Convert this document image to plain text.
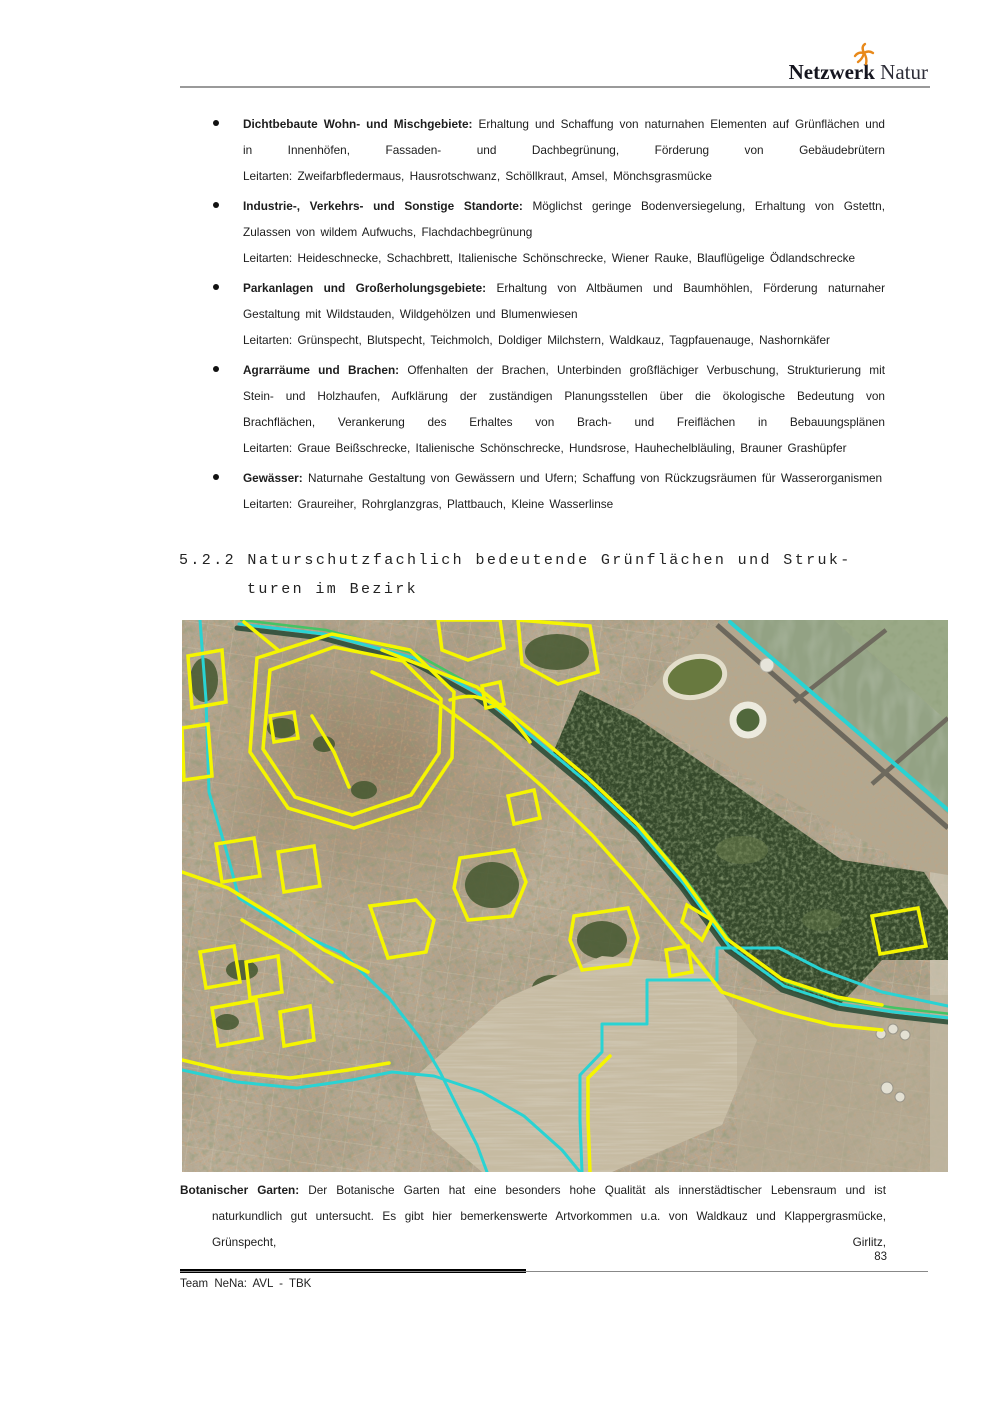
Netzwerk Natur
Dichtbebaute Wohn- und Mischgebiete: Erhaltung und Schaffung von naturnahen Elementen auf Grünflächen und in Innenhöfen, Fassaden- und Dachbegrünung, Förderung von Gebäudebrütern
Leitarten: Zweifarbfledermaus, Hausrotschwanz, Schöllkraut, Amsel, Mönchsgrasmücke
Industrie-, Verkehrs- und Sonstige Standorte: Möglichst geringe Bodenversiegelung, Erhaltung von Gstettn, Zulassen von wildem Aufwuchs, Flachdachbegrünung
Leitarten: Heideschnecke, Schachbrett, Italienische Schönschrecke, Wiener Rauke, Blauflügelige Ödlandschrecke
Parkanlagen und Großerholungsgebiete: Erhaltung von Altbäumen und Baumhöhlen, Förderung naturnaher Gestaltung mit Wildstauden, Wildgehölzen und Blumenwiesen
Leitarten: Grünspecht, Blutspecht, Teichmolch, Doldiger Milchstern, Waldkauz, Tagpfauenauge, Nashornkäfer
Agrarräume und Brachen: Offenhalten der Brachen, Unterbinden großflächiger Verbuschung, Strukturierung mit Stein- und Holzhaufen, Aufklärung der zuständigen Planungsstellen über die ökologische Bedeutung von Brachflächen, Verankerung des Erhaltes von Brach- und Freiflächen in Bebauungsplänen
Leitarten: Graue Beißschrecke, Italienische Schönschrecke, Hundsrose, Hauhechelbläuling, Brauner Grashüpfer
Gewässer: Naturnahe Gestaltung von Gewässern und Ufern; Schaffung von Rückzugsräumen für Wasserorganismen
Leitarten: Graureiher, Rohrglanzgras, Plattbauch, Kleine Wasserlinse
5.2.2 Naturschutzfachlich bedeutende Grünflächen und Struk-
turen im Bezirk
Botanischer Garten: Der Botanische Garten hat eine besonders hohe Qualität als innerstädtischer Lebensraum und ist naturkundlich gut untersucht. Es gibt hier bemerkenswerte Artvorkommen u.a. von Waldkauz und Klappergrasmücke, Grünspecht, Girlitz,
Team NeNa: AVL - TBK
83
